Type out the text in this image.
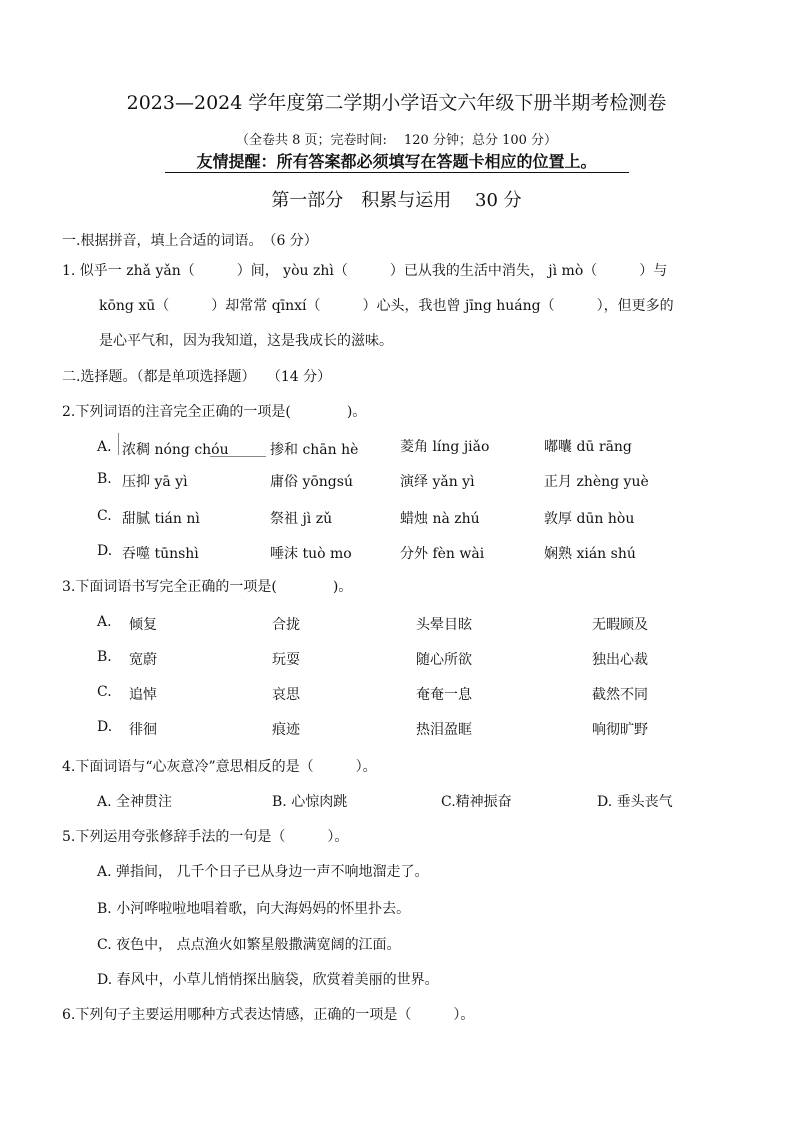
2023—2024 学年度第二学期小学语文六年级下册半期考检测卷
（全卷共 8 页；完卷时间:　 120 分钟；总分 100 分）
友情提醒：所有答案都必须填写在答题卡相应的位置上。
第一部分　积累与运用　 30 分
一.根据拼音，填上合适的词语。　（6 分）
1. 似乎一 zhǎ yǎn（　　　）间， yòu zhì（　　　）已从我的生活中消失， jì mò（　　　）与
kōng xū（　　　）却常常 qīnxí（　　　）心头，我也曾 jīng huáng（　　　），但更多的
是心平气和，因为我知道，这是我成长的滋味。
二.选择题。（都是单项选择题）　 （14 分）
2.下列词语的注音完全正确的一项是(　　　　)。
A. 浓稠 nóng chóu	掺和 chān hè	菱角 líng jiǎo	嘟囔 dū rāng
B. 压抑 yā yì	庸俗 yōngsú	演绎 yǎn yì	正月 zhèng yuè
C. 甜腻 tián nì	祭祖 jì zǔ	蜡烛 nà zhú	敦厚 dūn hòu
D. 吞噬 tūnshì	唾沫 tuò mo	分外 fèn wài	娴熟 xián shú
3.下面词语书写完全正确的一项是(　　　　)。
A. 倾复	合拢	头晕目眩	无暇顾及
B. 宽蔚	玩耍	随心所欲	独出心裁
C. 追悼	哀思	奄奄一息	截然不同
D. 徘徊	痕迹	热泪盈眶	响彻旷野
4.下面词语与“心灰意冷”意思相反的是（　　　）。
A. 全神贯注	B. 心惊肉跳	C.精神振奋	D. 垂头丧气
5.下列运用夸张修辞手法的一句是（　　　）。
A. 弹指间， 几千个日子已从身边一声不响地溜走了。
B. 小河哗啦啦地唱着歌，向大海妈妈的怀里扑去。
C. 夜色中， 点点渔火如繁星般撒满宽阔的江面。
D. 春风中，小草儿悄悄探出脑袋，欣赏着美丽的世界。
6.下列句子主要运用哪种方式表达情感，正确的一项是（　　　）。
